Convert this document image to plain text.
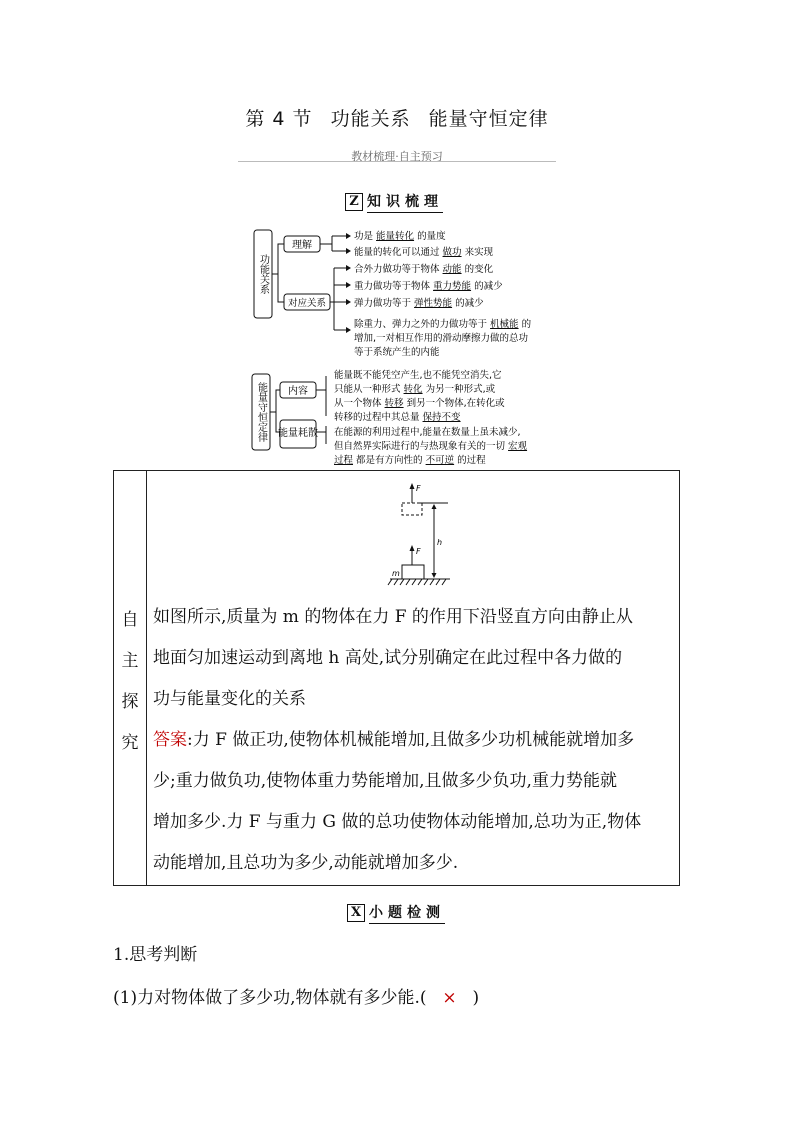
第 4 节 功能关系 能量守恒定律
教材梳理·自主预习
Z 知识梳理
功能关系
理解
对应关系
功是 能量转化 的量度
能量的转化可以通过 做功 来实现
合外力做功等于物体 动能 的变化
重力做功等于物体 重力势能 的减少
弹力做功等于 弹性势能 的减少
除重力、弹力之外的力做功等于 机械能 的
增加,一对相互作用的滑动摩擦力做的总功
等于系统产生的内能
能量守恒定律 内容
能量耗散
能量既不能凭空产生,也不能凭空消失,它
只能从一种形式 转化 为另一种形式,或
从一个物体 转移 到另一个物体,在转化或
转移的过程中其总量 保持不变
在能源的利用过程中,能量在数量上虽未减少,
但自然界实际进行的与热现象有关的一切 宏观
过程 都是有方向性的 不可逆 的过程
自
主
探
究
F
F
h
m
如图所示,质量为 m 的物体在力 F 的作用下沿竖直方向由静止从
地面匀加速运动到离地 h 高处,试分别确定在此过程中各力做的
功与能量变化的关系
答案:力 F 做正功,使物体机械能增加,且做多少功机械能就增加多
少;重力做负功,使物体重力势能增加,且做多少负功,重力势能就
增加多少.力 F 与重力 G 做的总功使物体动能增加,总功为正,物体
动能增加,且总功为多少,动能就增加多少.
X 小题检测
1.思考判断
(1)力对物体做了多少功,物体就有多少能.( × )
